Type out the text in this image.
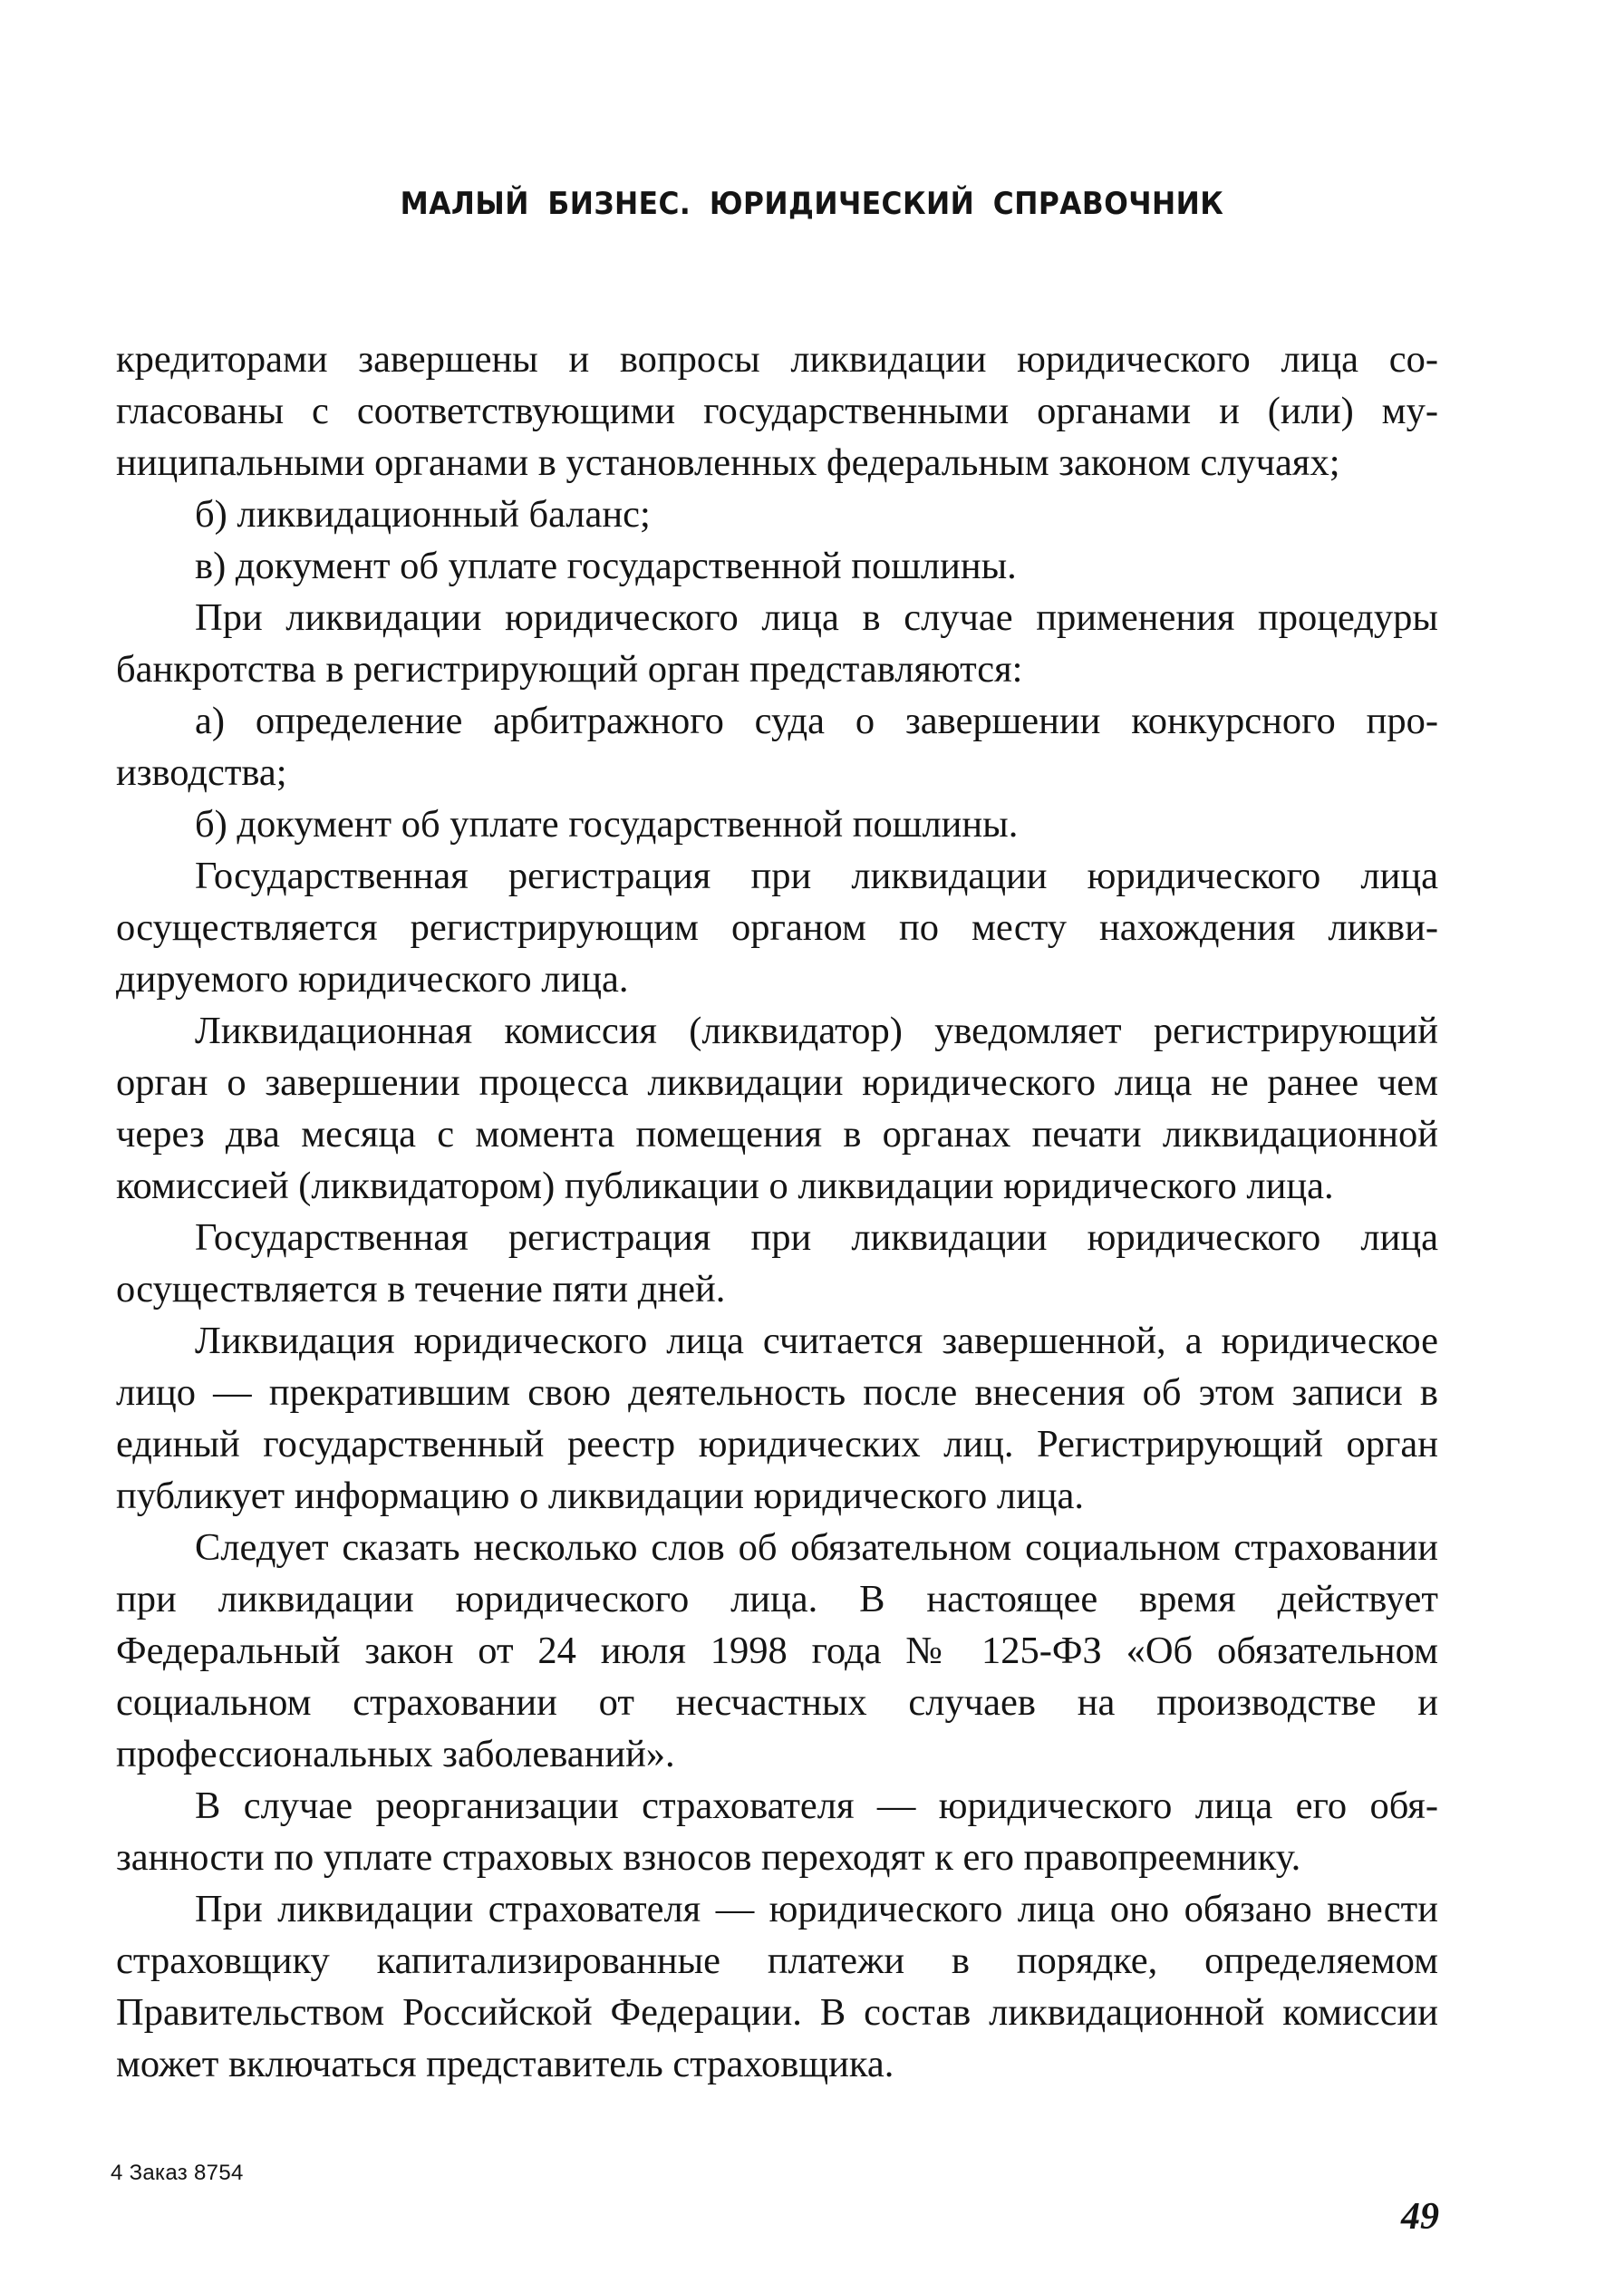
МАЛЫЙ БИЗНЕС. ЮРИДИЧЕСКИЙ СПРАВОЧНИК

кредиторами завершены и вопросы ликвидации юридического лица согласованы с соответствующими государственными органами и (или) муниципальными органами в установленных федеральным законом случаях;

б) ликвидационный баланс;

в) документ об уплате государственной пошлины.

При ликвидации юридического лица в случае применения процедуры банкротства в регистрирующий орган представляются:

а) определение арбитражного суда о завершении конкурсного производства;

б) документ об уплате государственной пошлины.

Государственная регистрация при ликвидации юридического лица осуществляется регистрирующим органом по месту нахождения ликвидируемого юридического лица.

Ликвидационная комиссия (ликвидатор) уведомляет регистрирующий орган о завершении процесса ликвидации юридического лица не ранее чем через два месяца с момента помещения в органах печати ликвидационной комиссией (ликвидатором) публикации о ликвидации юридического лица.

Государственная регистрация при ликвидации юридического лица осуществляется в течение пяти дней.

Ликвидация юридического лица считается завершенной, а юридическое лицо — прекратившим свою деятельность после внесения об этом записи в единый государственный реестр юридических лиц. Регистрирующий орган публикует информацию о ликвидации юридического лица.

Следует сказать несколько слов об обязательном социальном страховании при ликвидации юридического лица. В настоящее время действует Федеральный закон от 24 июля 1998 года № 125-ФЗ «Об обязательном социальном страховании от несчастных случаев на производстве и профессиональных заболеваний».

В случае реорганизации страхователя — юридического лица его обязанности по уплате страховых взносов переходят к его правопреемнику.

При ликвидации страхователя — юридического лица оно обязано внести страховщику капитализированные платежи в порядке, определяемом Правительством Российской Федерации. В состав ликвидационной комиссии может включаться представитель страховщика.

4 Заказ 8754
49
